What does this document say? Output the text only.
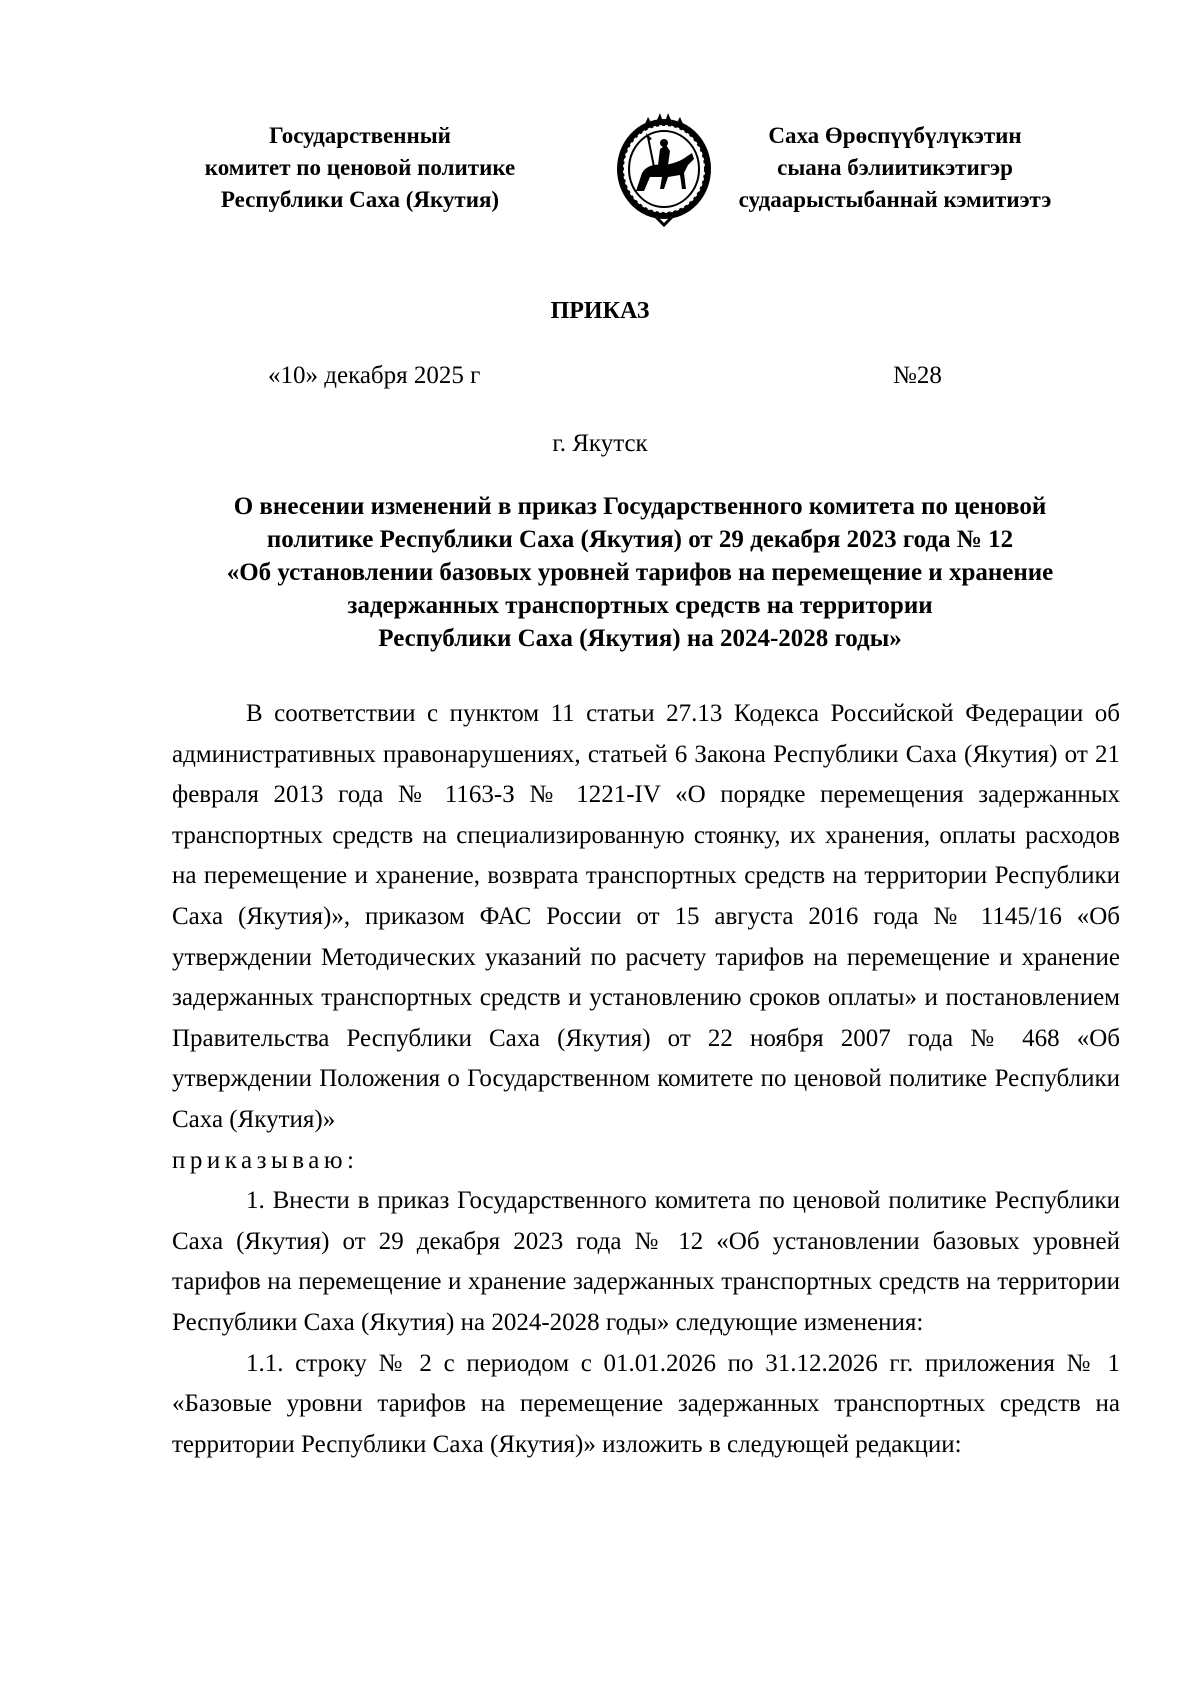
Государственный
комитет по ценовой политике
Республики Саха (Якутия)
Саха Өрөспүүбүлүкэтин
сыана бэлиитикэтигэр
судаарыстыбаннай кэмитиэтэ
ПРИКАЗ
«10» декабря 2025 г	№28
г. Якутск
О внесении изменений в приказ Государственного комитета по ценовой
политике Республики Саха (Якутия) от 29 декабря 2023 года № 12
«Об установлении базовых уровней тарифов на перемещение и хранение
задержанных транспортных средств на территории
Республики Саха (Якутия) на 2024-2028 годы»

В соответствии с пунктом 11 статьи 27.13 Кодекса Российской Федерации об административных правонарушениях, статьей 6 Закона Республики Саха (Якутия) от 21 февраля 2013 года № 1163-З № 1221-IV «О порядке перемещения задержанных транспортных средств на специализированную стоянку, их хранения, оплаты расходов на перемещение и хранение, возврата транспортных средств на территории Республики Саха (Якутия)», приказом ФАС России от 15 августа 2016 года № 1145/16 «Об утверждении Методических указаний по расчету тарифов на перемещение и хранение задержанных транспортных средств и установлению сроков оплаты» и постановлением Правительства Республики Саха (Якутия) от 22 ноября 2007 года № 468 «Об утверждении Положения о Государственном комитете по ценовой политике Республики Саха (Якутия)»

приказываю:

1. Внести в приказ Государственного комитета по ценовой политике Республики Саха (Якутия) от 29 декабря 2023 года № 12 «Об установлении базовых уровней тарифов на перемещение и хранение задержанных транспортных средств на территории Республики Саха (Якутия) на 2024-2028 годы» следующие изменения:

1.1. строку № 2 с периодом с 01.01.2026 по 31.12.2026 гг. приложения № 1 «Базовые уровни тарифов на перемещение задержанных транспортных средств на территории Республики Саха (Якутия)» изложить в следующей редакции:
